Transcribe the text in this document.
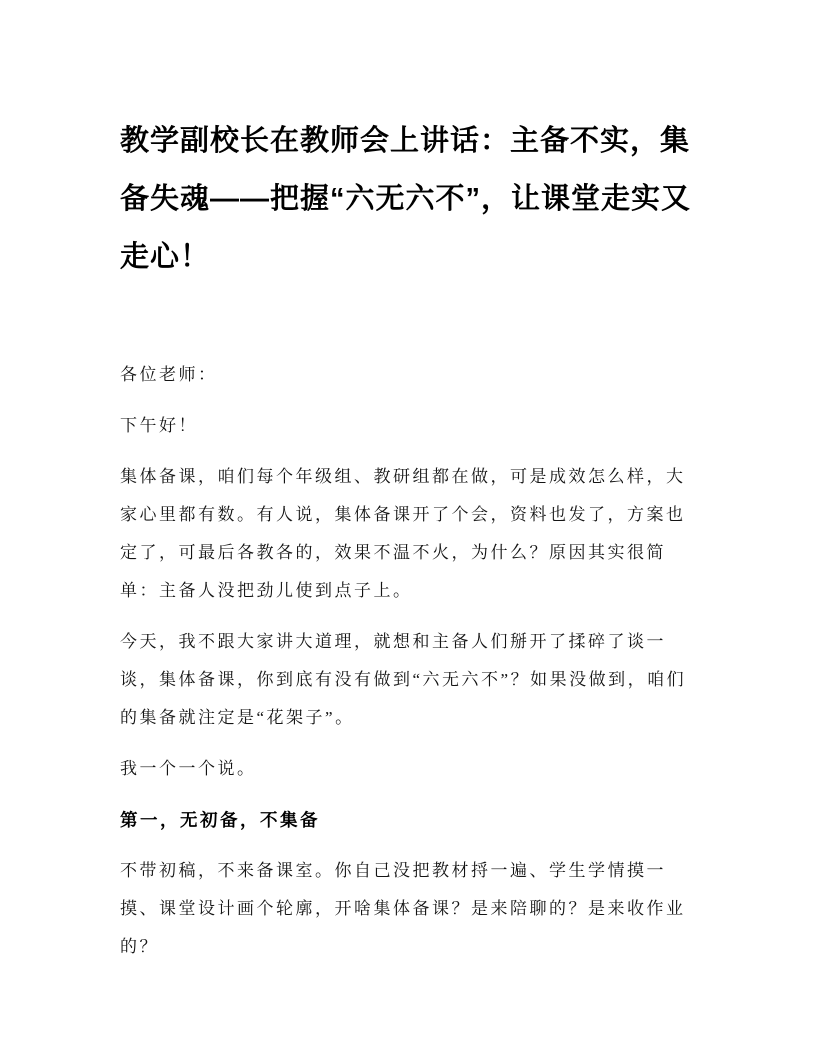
教学副校长在教师会上讲话：主备不实，集备失魂——把握“六无六不”，让课堂走实又走心！

各位老师：

下午好！

集体备课，咱们每个年级组、教研组都在做，可是成效怎么样，大家心里都有数。有人说，集体备课开了个会，资料也发了，方案也定了，可最后各教各的，效果不温不火，为什么？原因其实很简单：主备人没把劲儿使到点子上。

今天，我不跟大家讲大道理，就想和主备人们掰开了揉碎了谈一谈，集体备课，你到底有没有做到“六无六不”？如果没做到，咱们的集备就注定是“花架子”。

我一个一个说。

第一，无初备，不集备

不带初稿，不来备课室。你自己没把教材捋一遍、学生学情摸一摸、课堂设计画个轮廓，开啥集体备课？是来陪聊的？是来收作业的？
